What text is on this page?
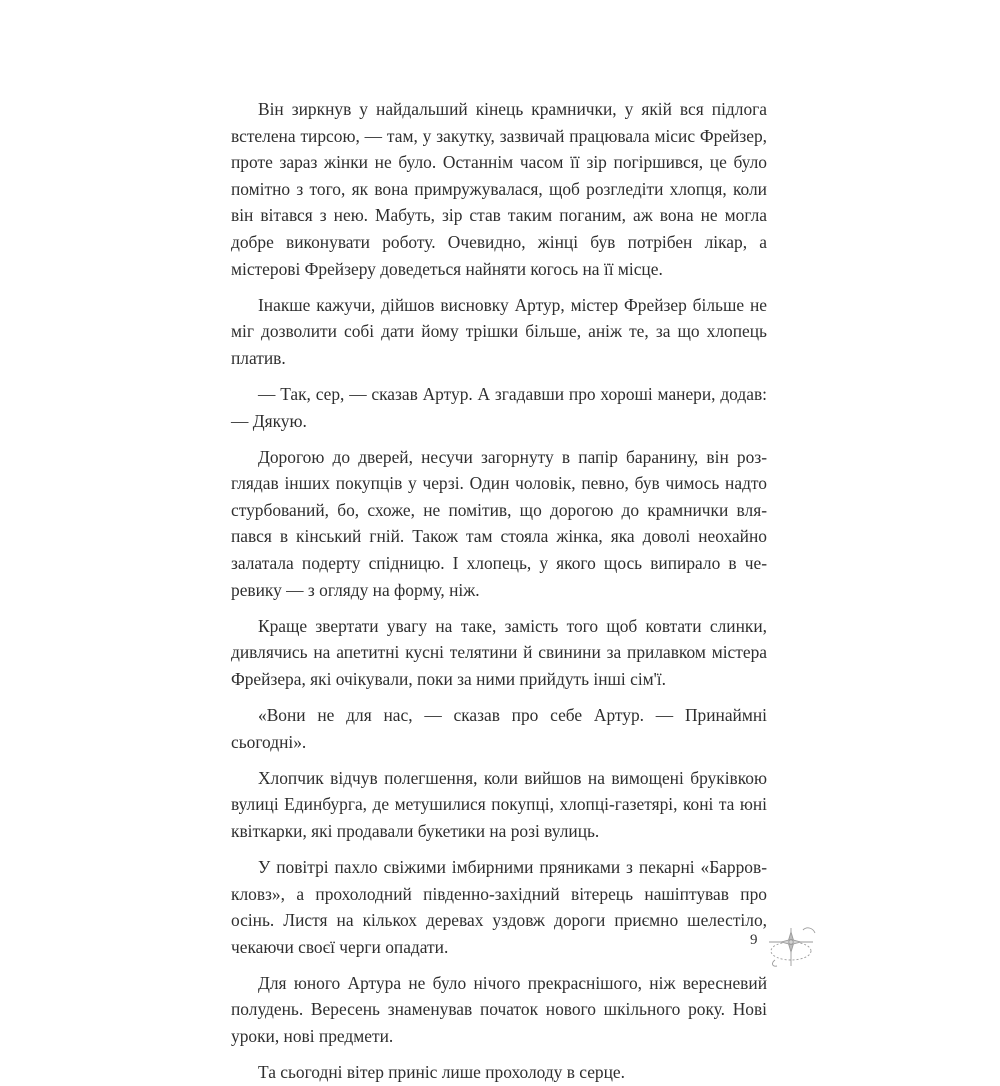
Він зиркнув у найдальший кінець крамнички, у якій вся підлога встелена тирсою, — там, у закутку, зазвичай працювала місис Фрейзер, проте зараз жінки не було. Останнім часом її зір погіршився, це було помітно з того, як вона примружувалася, щоб розгледіти хлопця, коли він вітався з нею. Мабуть, зір став таким поганим, аж вона не могла добре виконувати роботу. Очевидно, жінці був потрібен лікар, а містерові Фрейзеру доведеться найняти когось на її місце.

Інакше кажучи, дійшов висновку Артур, містер Фрейзер більше не міг дозволити собі дати йому трішки більше, аніж те, за що хлопець платив.

— Так, сер, — сказав Артур. А згадавши про хороші манери, додав: — Дякую.

Дорогою до дверей, несучи загорнуту в папір баранину, він розглядав інших покупців у черзі. Один чоловік, певно, був чимось надто стурбований, бо, схоже, не помітив, що дорогою до крамнички вляпався в кінський гній. Також там стояла жінка, яка доволі неохайно залатала подерту спідницю. І хлопець, у якого щось випирало в черевику — з огляду на форму, ніж.

Краще звертати увагу на таке, замість того щоб ковтати слинки, дивлячись на апетитні кусні телятини й свинини за прилавком містера Фрейзера, які очікували, поки за ними прийдуть інші сім'ї.

«Вони не для нас, — сказав про себе Артур. — Принаймні сьогодні».

Хлопчик відчув полегшення, коли вийшов на вимощені бруківкою вулиці Единбурга, де метушилися покупці, хлопці-газетярі, коні та юні квіткарки, які продавали букетики на розі вулиць.

У повітрі пахло свіжими імбирними пряниками з пекарні «Барровкловз», а прохолодний південно-західний вітерець нашіптував про осінь. Листя на кількох деревах уздовж дороги приємно шелестіло, чекаючи своєї черги опадати.

Для юного Артура не було нічого прекраснішого, ніж вересневий полудень. Вересень знаменував початок нового шкільного року. Нові уроки, нові предмети.

Та сьогодні вітер приніс лише прохолоду в серце.

9
